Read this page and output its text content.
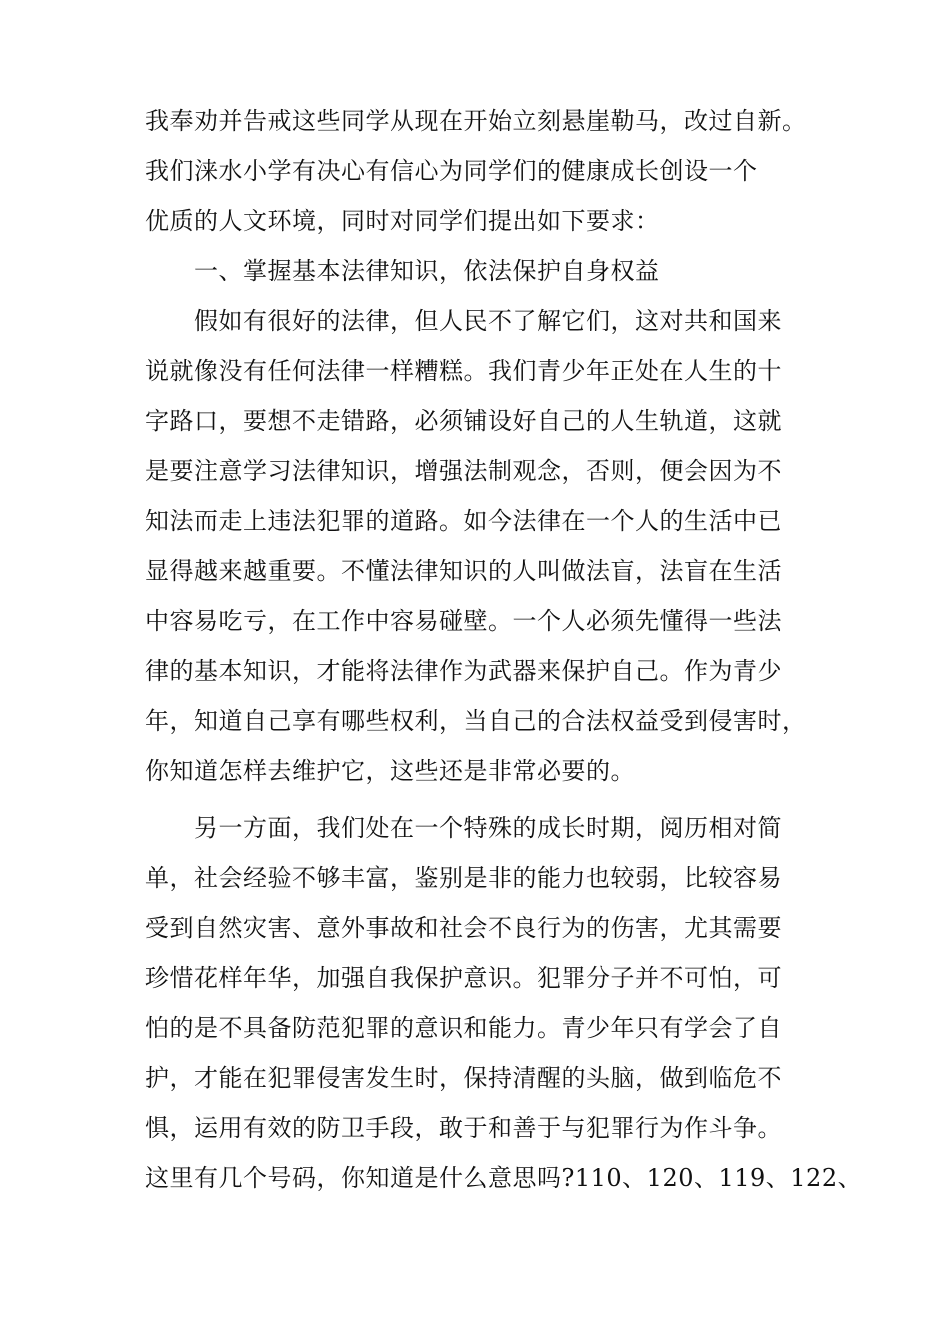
我奉劝并告戒这些同学从现在开始立刻悬崖勒马，改过自新。
我们涞水小学有决心有信心为同学们的健康成长创设一个
优质的人文环境，同时对同学们提出如下要求：
　　一、掌握基本法律知识，依法保护自身权益
　　假如有很好的法律，但人民不了解它们，这对共和国来
说就像没有任何法律一样糟糕。我们青少年正处在人生的十
字路口，要想不走错路，必须铺设好自己的人生轨道，这就
是要注意学习法律知识，增强法制观念，否则，便会因为不
知法而走上违法犯罪的道路。如今法律在一个人的生活中已
显得越来越重要。不懂法律知识的人叫做法盲，法盲在生活
中容易吃亏，在工作中容易碰壁。一个人必须先懂得一些法
律的基本知识，才能将法律作为武器来保护自己。作为青少
年，知道自己享有哪些权利，当自己的合法权益受到侵害时，
你知道怎样去维护它，这些还是非常必要的。
　　另一方面，我们处在一个特殊的成长时期，阅历相对简
单，社会经验不够丰富，鉴别是非的能力也较弱，比较容易
受到自然灾害、意外事故和社会不良行为的伤害，尤其需要
珍惜花样年华，加强自我保护意识。犯罪分子并不可怕，可
怕的是不具备防范犯罪的意识和能力。青少年只有学会了自
护，才能在犯罪侵害发生时，保持清醒的头脑，做到临危不
惧，运用有效的防卫手段，敢于和善于与犯罪行为作斗争。
这里有几个号码，你知道是什么意思吗?110、120、119、122、
